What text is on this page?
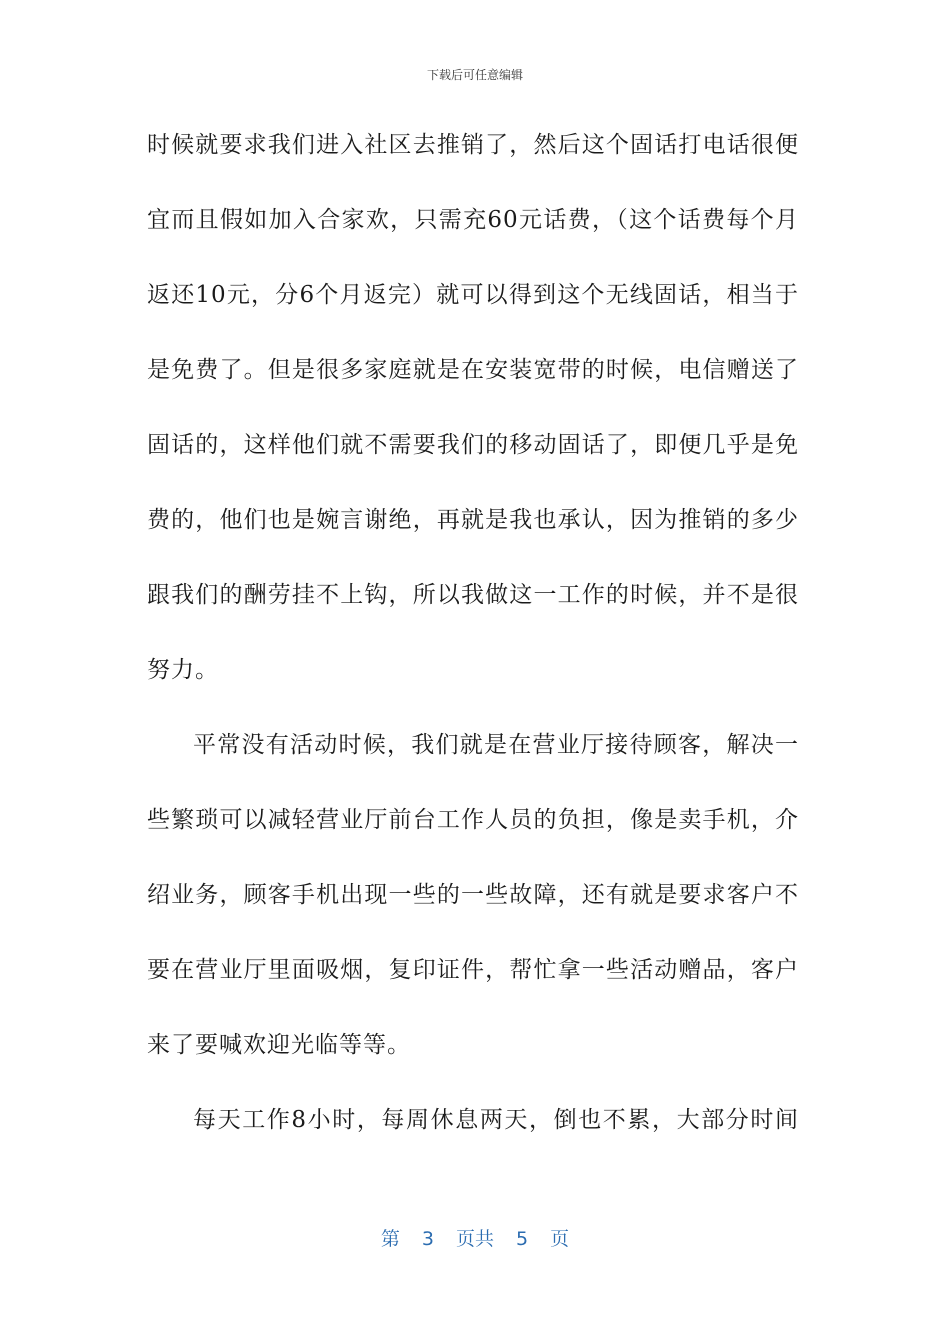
下载后可任意编辑
时候就要求我们进入社区去推销了，然后这个固话打电话很便
宜而且假如加入合家欢，只需充60元话费，（这个话费每个月
返还10元，分6个月返完）就可以得到这个无线固话，相当于
是免费了。但是很多家庭就是在安装宽带的时候，电信赠送了
固话的，这样他们就不需要我们的移动固话了，即便几乎是免
费的，他们也是婉言谢绝，再就是我也承认，因为推销的多少
跟我们的酬劳挂不上钩，所以我做这一工作的时候，并不是很
努力。
平常没有活动时候，我们就是在营业厅接待顾客，解决一
些繁琐可以减轻营业厅前台工作人员的负担，像是卖手机，介
绍业务，顾客手机出现一些的一些故障，还有就是要求客户不
要在营业厅里面吸烟，复印证件，帮忙拿一些活动赠品，客户
来了要喊欢迎光临等等。
每天工作8小时，每周休息两天，倒也不累，大部分时间
第 3 页共 5 页
